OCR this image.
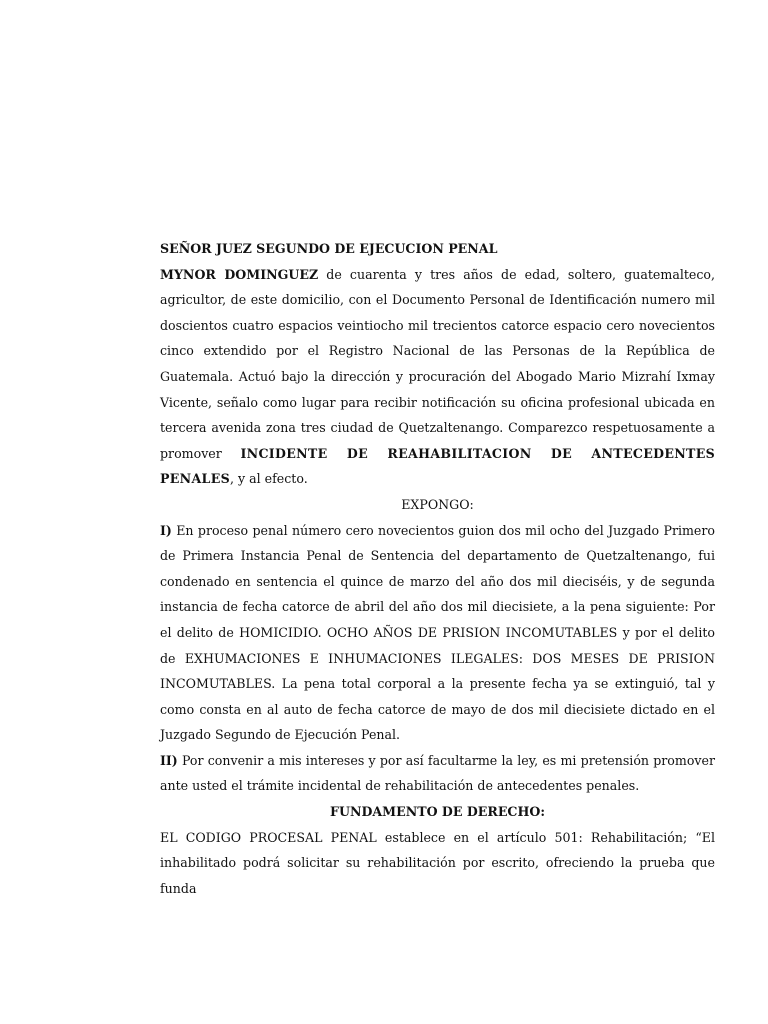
SEÑOR JUEZ SEGUNDO DE EJECUCION PENAL

MYNOR DOMINGUEZ de cuarenta y tres años de edad, soltero, guatemalteco, agricultor, de este domicilio, con el Documento Personal de Identificación numero mil doscientos cuatro espacios veintiocho mil trecientos catorce espacio cero novecientos cinco extendido por el Registro Nacional de las Personas de la República de Guatemala. Actuó bajo la dirección y procuración del Abogado Mario Mizrahí Ixmay Vicente, señalo como lugar para recibir notificación su oficina profesional ubicada en tercera avenida zona tres ciudad de Quetzaltenango. Comparezco respetuosamente a promover INCIDENTE DE REAHABILITACION DE ANTECEDENTES PENALES, y al efecto.

EXPONGO:

I) En proceso penal número cero novecientos guion dos mil ocho del Juzgado Primero de Primera Instancia Penal de Sentencia del departamento de Quetzaltenango, fui condenado en sentencia el quince de marzo del año dos mil dieciséis, y de segunda instancia de fecha catorce de abril del año dos mil diecisiete, a la pena siguiente: Por el delito de HOMICIDIO. OCHO AÑOS DE PRISION INCOMUTABLES y por el delito de EXHUMACIONES E INHUMACIONES ILEGALES: DOS MESES DE PRISION INCOMUTABLES. La pena total corporal a la presente fecha ya se extinguió, tal y como consta en al auto de fecha catorce de mayo de dos mil diecisiete dictado en el Juzgado Segundo de Ejecución Penal.

II) Por convenir a mis intereses y por así facultarme la ley, es mi pretensión promover ante usted el trámite incidental de rehabilitación de antecedentes penales.

FUNDAMENTO DE DERECHO:

EL CODIGO PROCESAL PENAL establece en el artículo 501: Rehabilitación; “El inhabilitado podrá solicitar su rehabilitación por escrito, ofreciendo la prueba que funda
